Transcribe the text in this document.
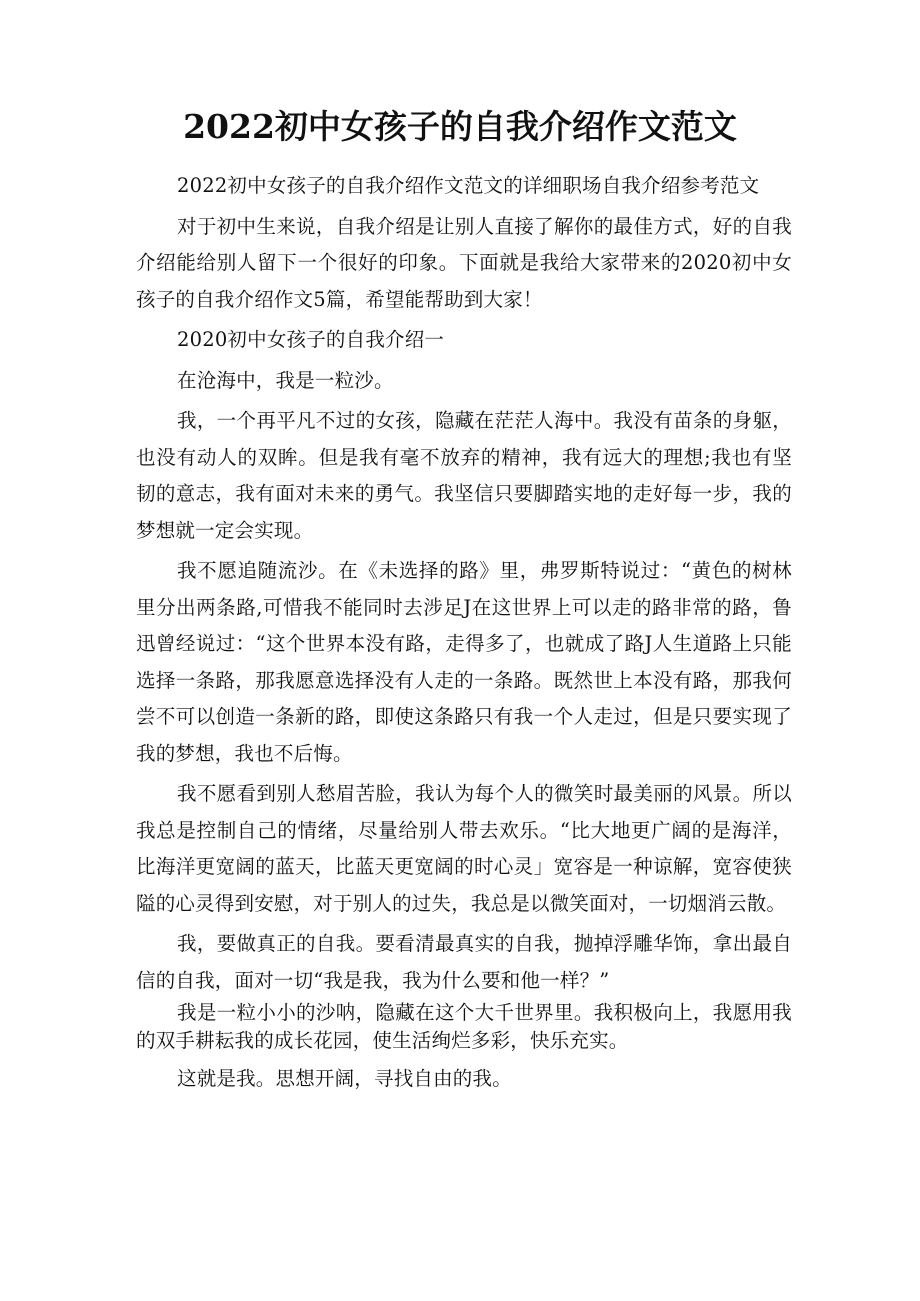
2022初中女孩子的自我介绍作文范文

2022初中女孩子的自我介绍作文范文的详细职场自我介绍参考范文

对于初中生来说，自我介绍是让别人直接了解你的最佳方式，好的自我介绍能给别人留下一个很好的印象。下面就是我给大家带来的2020初中女孩子的自我介绍作文5篇，希望能帮助到大家！

2020初中女孩子的自我介绍一

在沧海中，我是一粒沙。

我，一个再平凡不过的女孩，隐藏在茫茫人海中。我没有苗条的身躯，也没有动人的双眸。但是我有毫不放弃的精神，我有远大的理想;我也有坚韧的意志，我有面对未来的勇气。我坚信只要脚踏实地的走好每一步，我的梦想就一定会实现。

我不愿追随流沙。在《未选择的路》里，弗罗斯特说过：“黄色的树林里分出两条路,可惜我不能同时去涉足J在这世界上可以走的路非常的路，鲁迅曾经说过：“这个世界本没有路，走得多了，也就成了路J人生道路上只能选择一条路，那我愿意选择没有人走的一条路。既然世上本没有路，那我何尝不可以创造一条新的路，即使这条路只有我一个人走过，但是只要实现了我的梦想，我也不后悔。

我不愿看到别人愁眉苦脸，我认为每个人的微笑时最美丽的风景。所以我总是控制自己的情绪，尽量给别人带去欢乐。“比大地更广阔的是海洋，比海洋更宽阔的蓝天，比蓝天更宽阔的时心灵」宽容是一种谅解，宽容使狭隘的心灵得到安慰，对于别人的过失，我总是以微笑面对，一切烟消云散。

我，要做真正的自我。要看清最真实的自我，抛掉浮雕华饰，拿出最自信的自我，面对一切“我是我，我为什么要和他一样？”

我是一粒小小的沙呐，隐藏在这个大千世界里。我积极向上，我愿用我的双手耕耘我的成长花园，使生活绚烂多彩，快乐充实。

这就是我。思想开阔，寻找自由的我。
